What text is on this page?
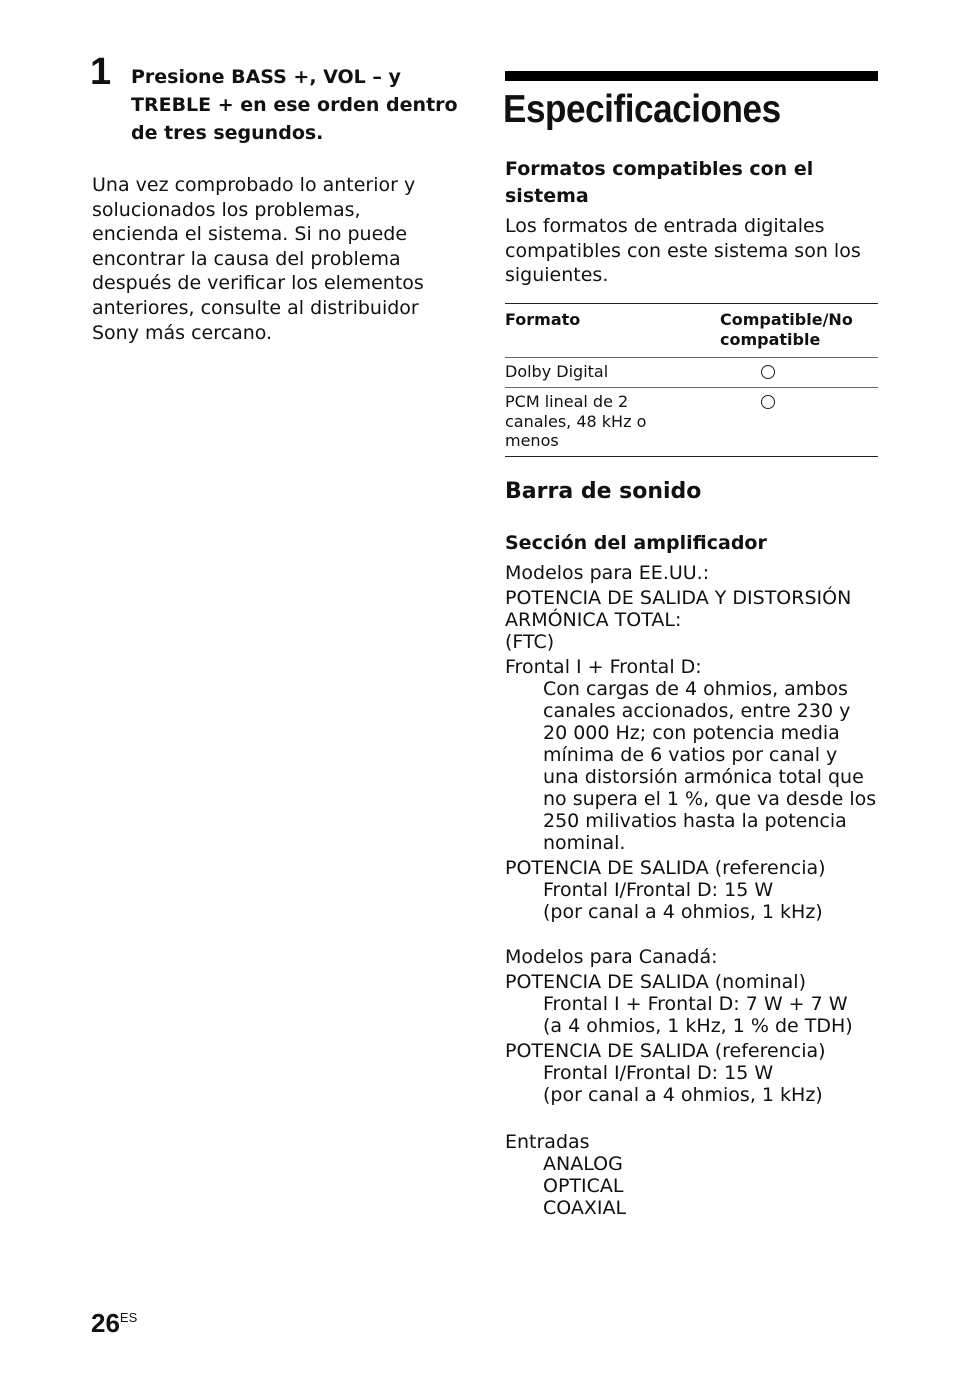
1 Presione BASS +, VOL – y TREBLE + en ese orden dentro de tres segundos.
Una vez comprobado lo anterior y solucionados los problemas, encienda el sistema. Si no puede encontrar la causa del problema después de verificar los elementos anteriores, consulte al distribuidor Sony más cercano.
Especificaciones
Formatos compatibles con el sistema
Los formatos de entrada digitales compatibles con este sistema son los siguientes.
Formato	Compatible/No compatible
Dolby Digital
PCM lineal de 2 canales, 48 kHz o menos
Barra de sonido
Sección del amplificador
Modelos para EE.UU.:
POTENCIA DE SALIDA Y DISTORSIÓN ARMÓNICA TOTAL:
(FTC)
Frontal I + Frontal D:
Con cargas de 4 ohmios, ambos canales accionados, entre 230 y 20 000 Hz; con potencia media mínima de 6 vatios por canal y una distorsión armónica total que no supera el 1 %, que va desde los 250 milivatios hasta la potencia nominal.
POTENCIA DE SALIDA (referencia)
Frontal I/Frontal D: 15 W
(por canal a 4 ohmios, 1 kHz)
Modelos para Canadá:
POTENCIA DE SALIDA (nominal)
Frontal I + Frontal D: 7 W + 7 W
(a 4 ohmios, 1 kHz, 1 % de TDH)
POTENCIA DE SALIDA (referencia)
Frontal I/Frontal D: 15 W
(por canal a 4 ohmios, 1 kHz)
Entradas
ANALOG
OPTICAL
COAXIAL
$26^{ES}$
